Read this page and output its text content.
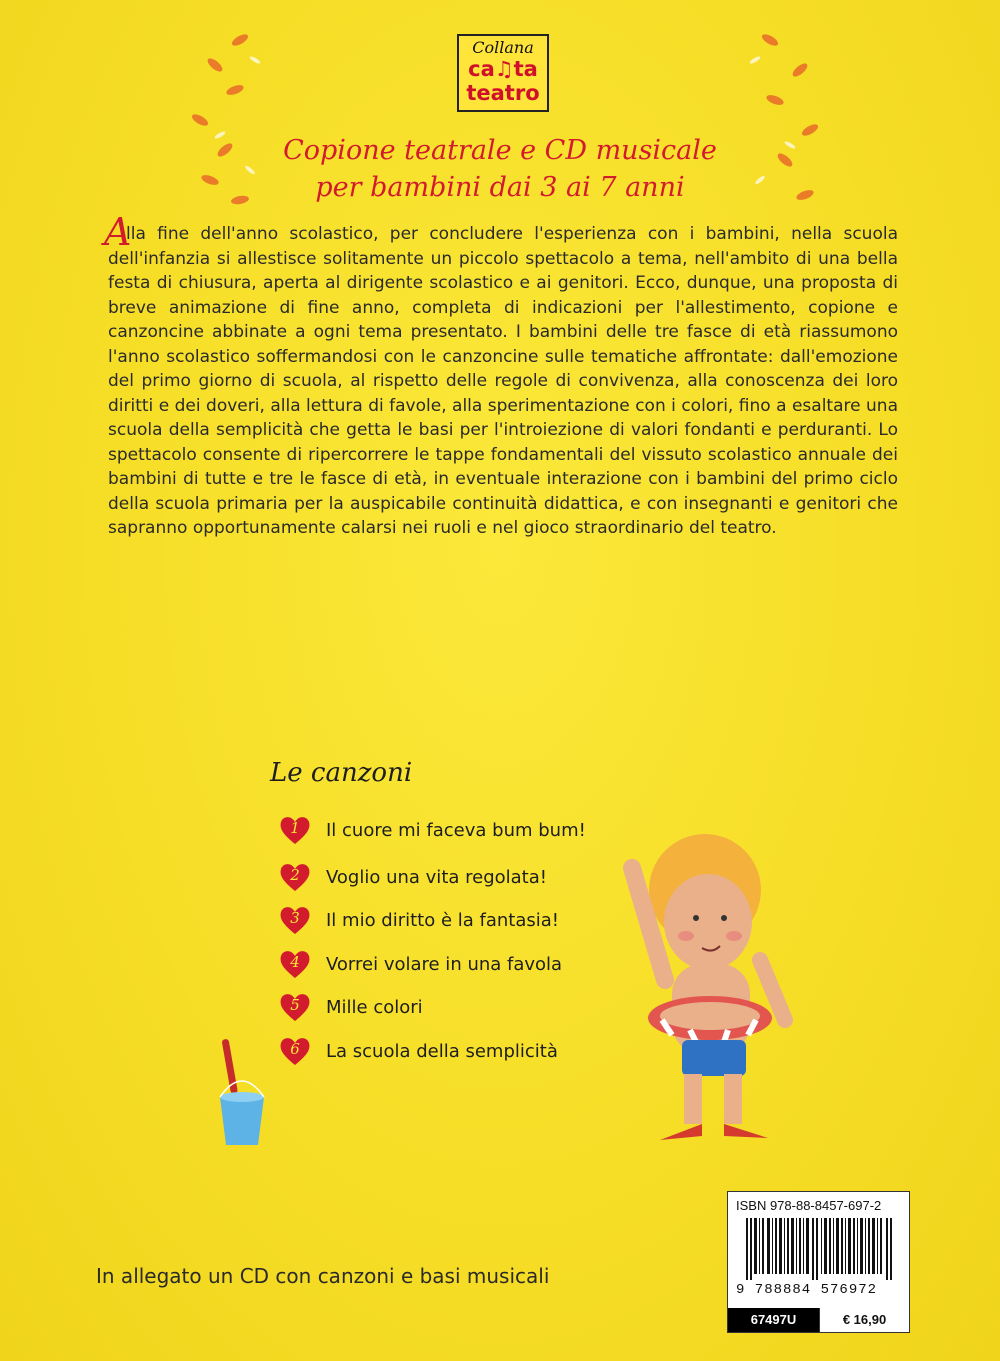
Collana
ca♫ta
teatro
Copione teatrale e CD musicale
per bambini dai 3 ai 7 anni
A
lla fine dell'anno scolastico, per concludere l'esperienza con i bambini, nella scuola dell'infanzia si allestisce solitamente un piccolo spettacolo a tema, nell'ambito di una bella festa di chiusura, aperta al dirigente scolastico e ai genitori. Ecco, dunque, una proposta di breve animazione di fine anno, completa di indicazioni per l'allestimento, copione e canzoncine abbinate a ogni tema presentato. I bambini delle tre fasce di età riassumono l'anno scolastico soffermandosi con le canzoncine sulle tematiche affrontate: dall'emozione del primo giorno di scuola, al rispetto delle regole di convivenza, alla conoscenza dei loro diritti e dei doveri, alla lettura di favole, alla sperimentazione con i colori, fino a esaltare una scuola della semplicità che getta le basi per l'introiezione di valori fondanti e perduranti. Lo spettacolo consente di ripercorrere le tappe fondamentali del vissuto scolastico annuale dei bambini di tutte e tre le fasce di età, in eventuale interazione con i bambini del primo ciclo della scuola primaria per la auspicabile continuità didattica, e con insegnanti e genitori che sapranno opportunamente calarsi nei ruoli e nel gioco straordinario del teatro.
Le canzoni
1	Il cuore mi faceva bum bum!
2	Voglio una vita regolata!
3	Il mio diritto è la fantasia!
4	Vorrei volare in una favola
5	Mille colori
6	La scuola della semplicità
ISBN 978-88-8457-697-2
9 788884 576972
67497U	€ 16,90
In allegato un CD con canzoni e basi musicali
